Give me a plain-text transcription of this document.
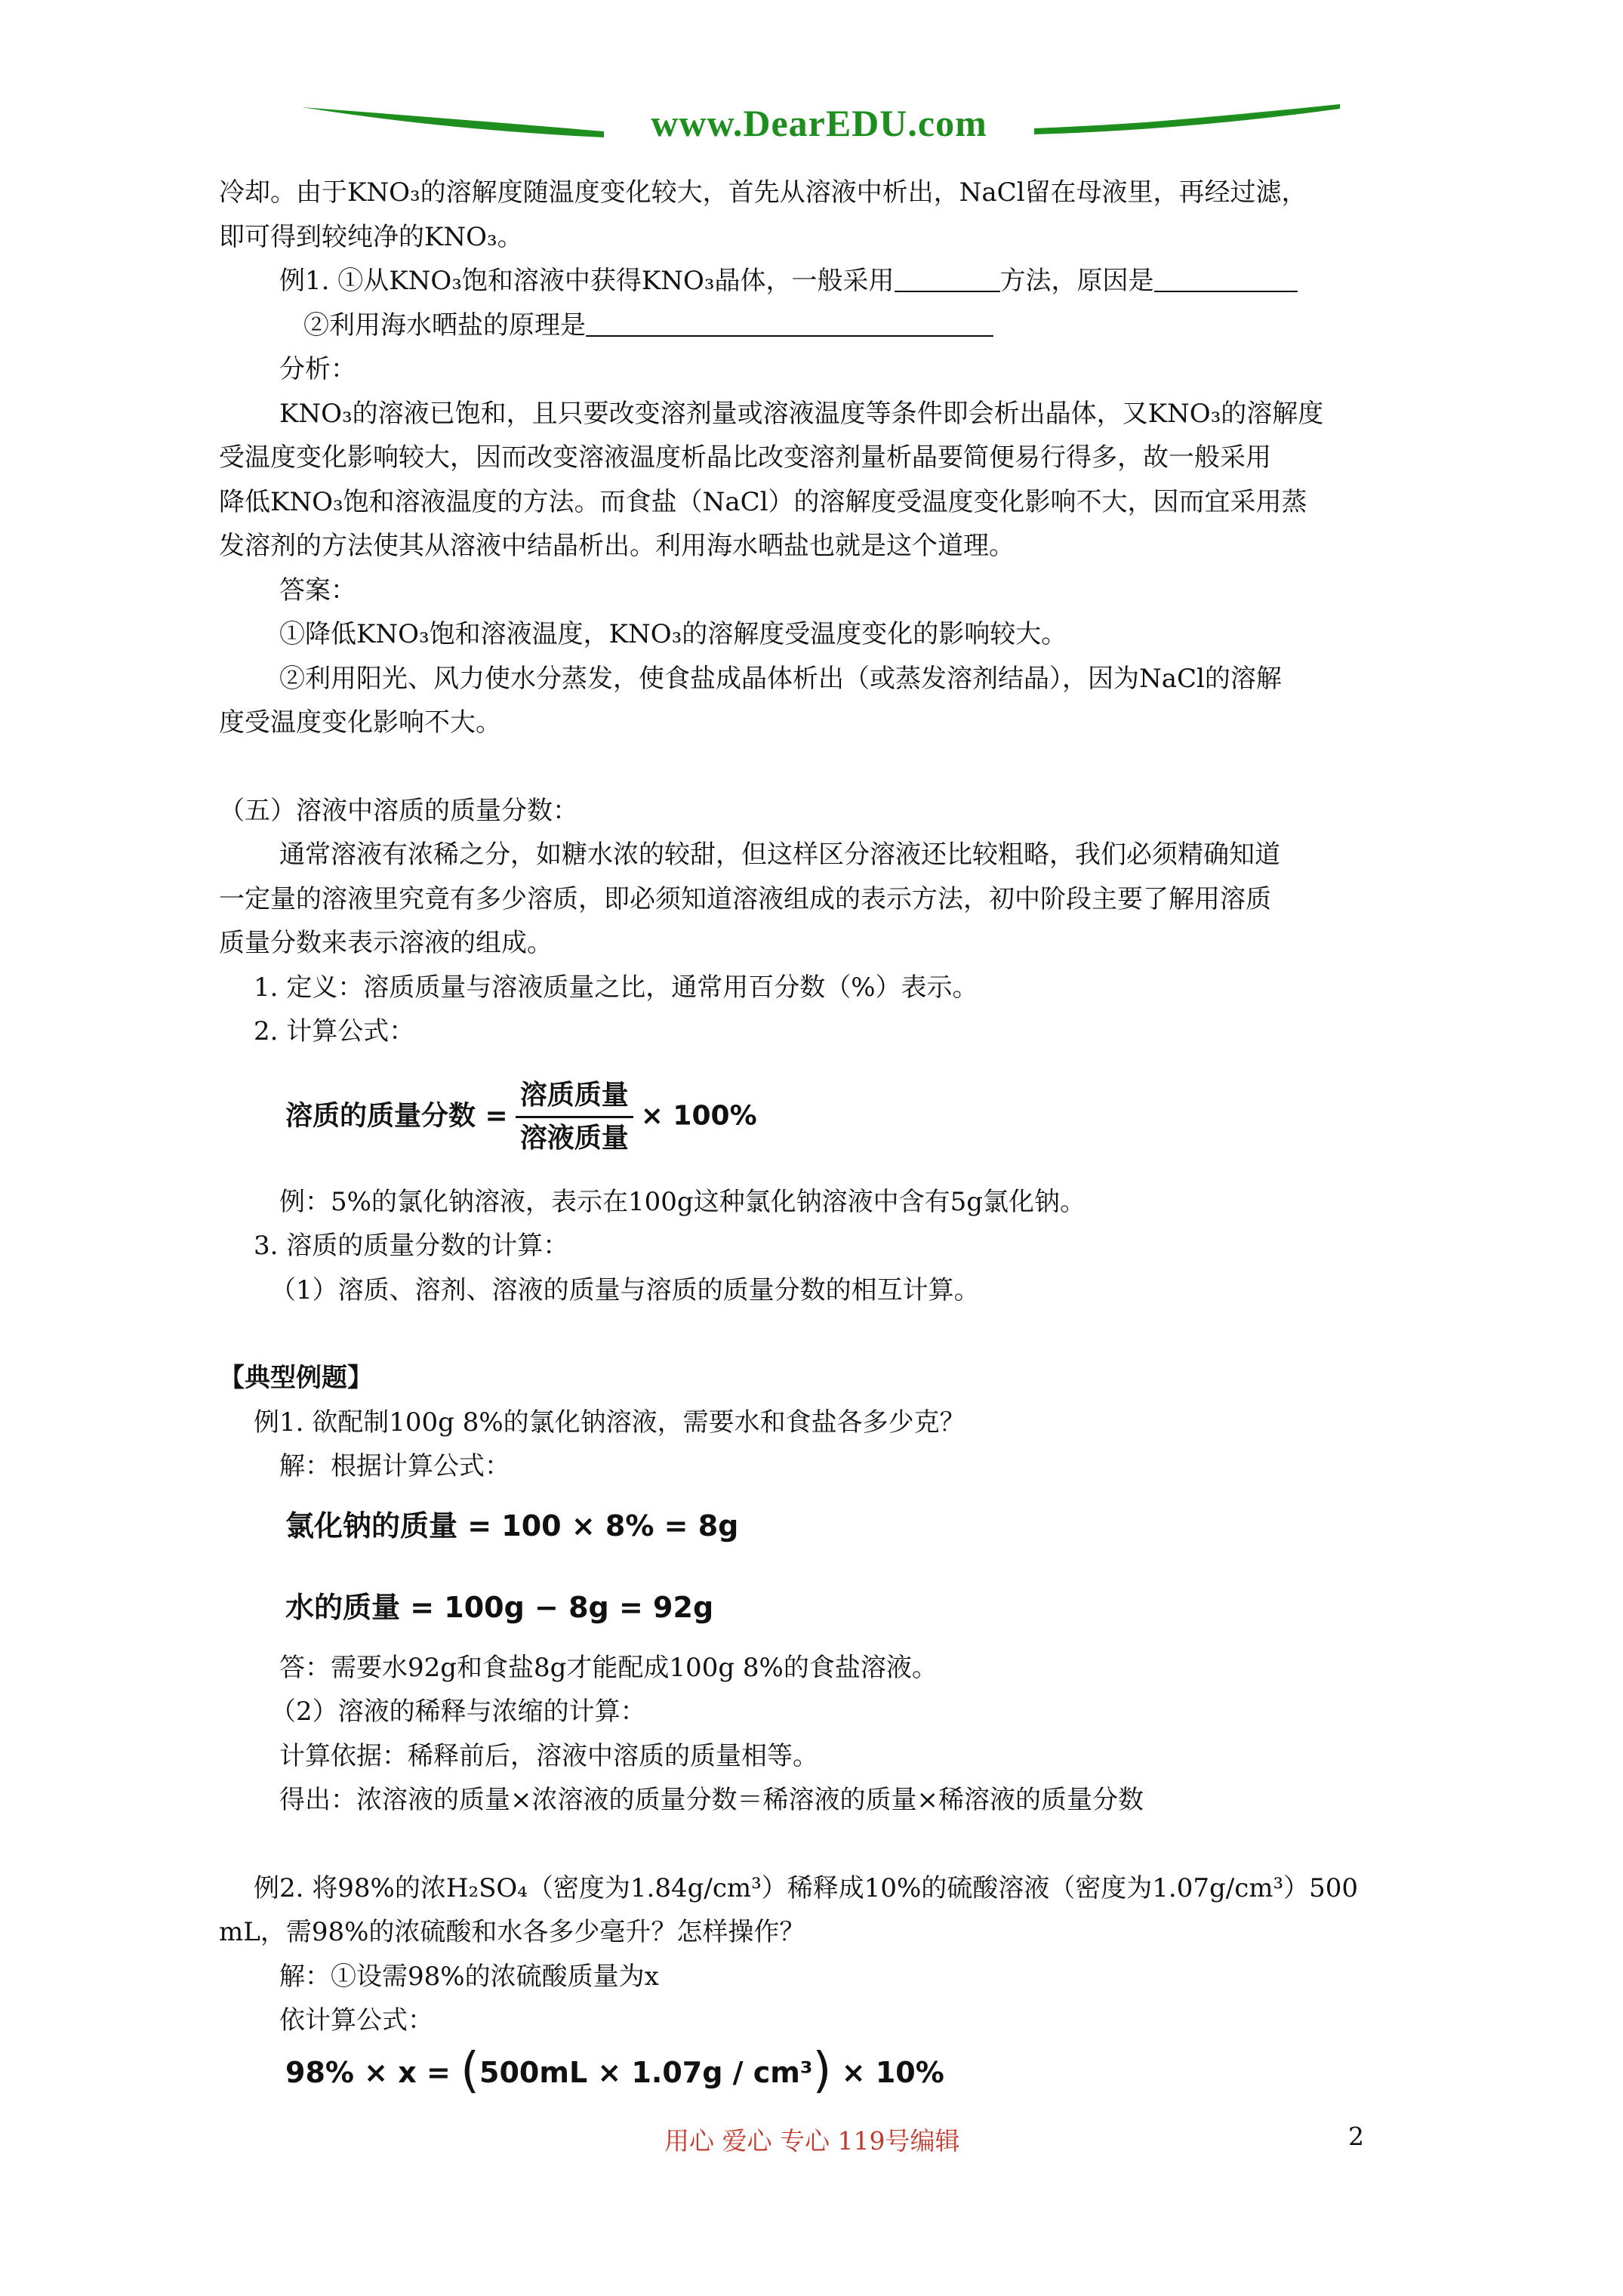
www.DearEDU.com

冷却。由于KNO₃的溶解度随温度变化较大，首先从溶液中析出，NaCl留在母液里，再经过滤，

即可得到较纯净的KNO₃。

例1. ①从KNO₃饱和溶液中获得KNO₃晶体，一般采用	方法，原因是

②利用海水晒盐的原理是

分析：

KNO₃的溶液已饱和，且只要改变溶剂量或溶液温度等条件即会析出晶体，又KNO₃的溶解度

受温度变化影响较大，因而改变溶液温度析晶比改变溶剂量析晶要简便易行得多，故一般采用

降低KNO₃饱和溶液温度的方法。而食盐（NaCl）的溶解度受温度变化影响不大，因而宜采用蒸

发溶剂的方法使其从溶液中结晶析出。利用海水晒盐也就是这个道理。

答案：

①降低KNO₃饱和溶液温度，KNO₃的溶解度受温度变化的影响较大。

②利用阳光、风力使水分蒸发，使食盐成晶体析出（或蒸发溶剂结晶），因为NaCl的溶解

度受温度变化影响不大。

（五）溶液中溶质的质量分数：

通常溶液有浓稀之分，如糖水浓的较甜，但这样区分溶液还比较粗略，我们必须精确知道

一定量的溶液里究竟有多少溶质，即必须知道溶液组成的表示方法，初中阶段主要了解用溶质

质量分数来表示溶液的组成。

1. 定义：溶质质量与溶液质量之比，通常用百分数（%）表示。

2. 计算公式：

溶质的质量分数 = $\frac{\text{溶质质量}}{\text{溶液质量}} \times 100\%$

例：5%的氯化钠溶液，表示在100g这种氯化钠溶液中含有5g氯化钠。

3. 溶质的质量分数的计算：

（1）溶质、溶剂、溶液的质量与溶质的质量分数的相互计算。

【典型例题】

例1. 欲配制100g 8%的氯化钠溶液，需要水和食盐各多少克？

解：根据计算公式：

氯化钠的质量 = 100 × 8% = 8g
水的质量 = 100g − 8g = 92g

答：需要水92g和食盐8g才能配成100g 8%的食盐溶液。

（2）溶液的稀释与浓缩的计算：

计算依据：稀释前后，溶液中溶质的质量相等。

得出：浓溶液的质量×浓溶液的质量分数＝稀溶液的质量×稀溶液的质量分数

例2. 将98%的浓H₂SO₄（密度为1.84g/cm³）稀释成10%的硫酸溶液（密度为1.07g/cm³）500

mL，需98%的浓硫酸和水各多少毫升？怎样操作？

解：①设需98%的浓硫酸质量为x

依计算公式：

98% × x = (500mL × 1.07g / cm³) × 10%
用心 爱心 专心 119号编辑	2
